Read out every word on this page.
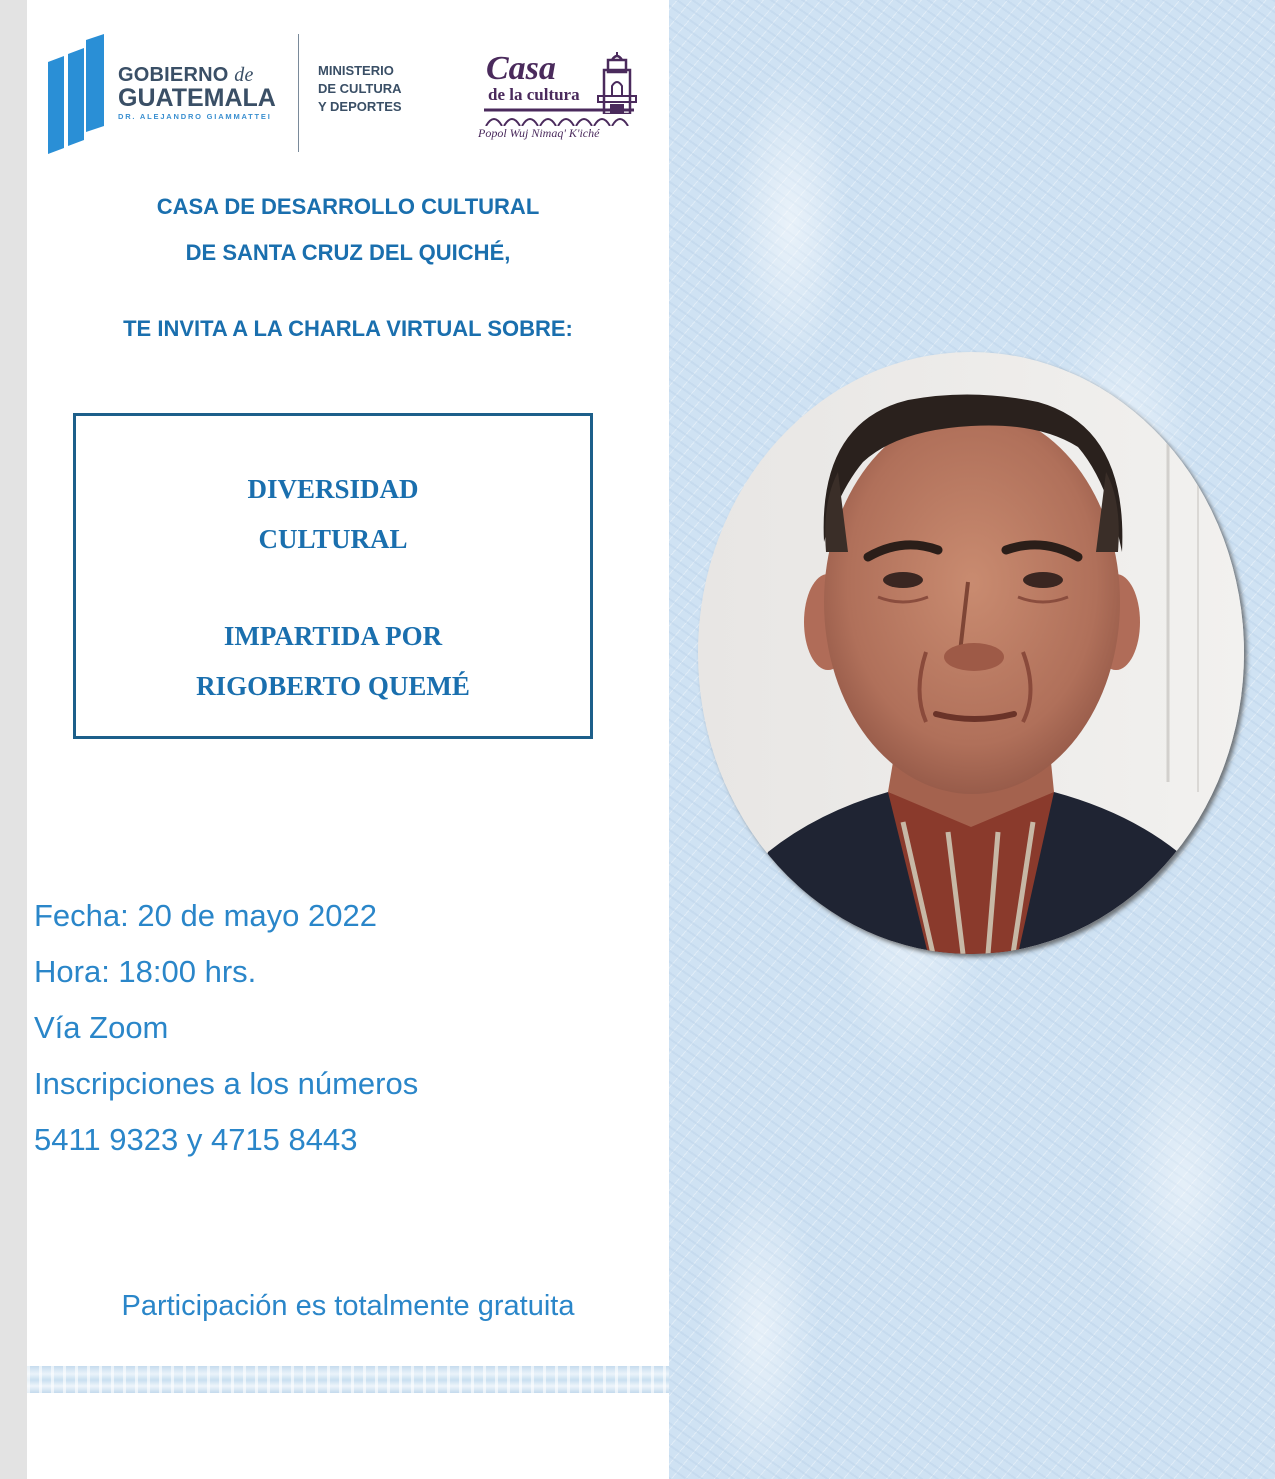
GOBIERNO de
GUATEMALA
DR. ALEJANDRO GIAMMATTEI
MINISTERIO
DE CULTURA
Y DEPORTES
Casa
de la cultura
Popol Wuj Nimaq' K'iché
CASA DE DESARROLLO CULTURAL
DE SANTA CRUZ DEL QUICHÉ,
TE INVITA A LA CHARLA VIRTUAL SOBRE:
DIVERSIDAD
CULTURAL
IMPARTIDA POR
RIGOBERTO QUEMÉ
Fecha: 20 de mayo 2022
Hora: 18:00 hrs.
Vía Zoom
Inscripciones a los números
5411 9323 y 4715 8443
Participación es totalmente gratuita
